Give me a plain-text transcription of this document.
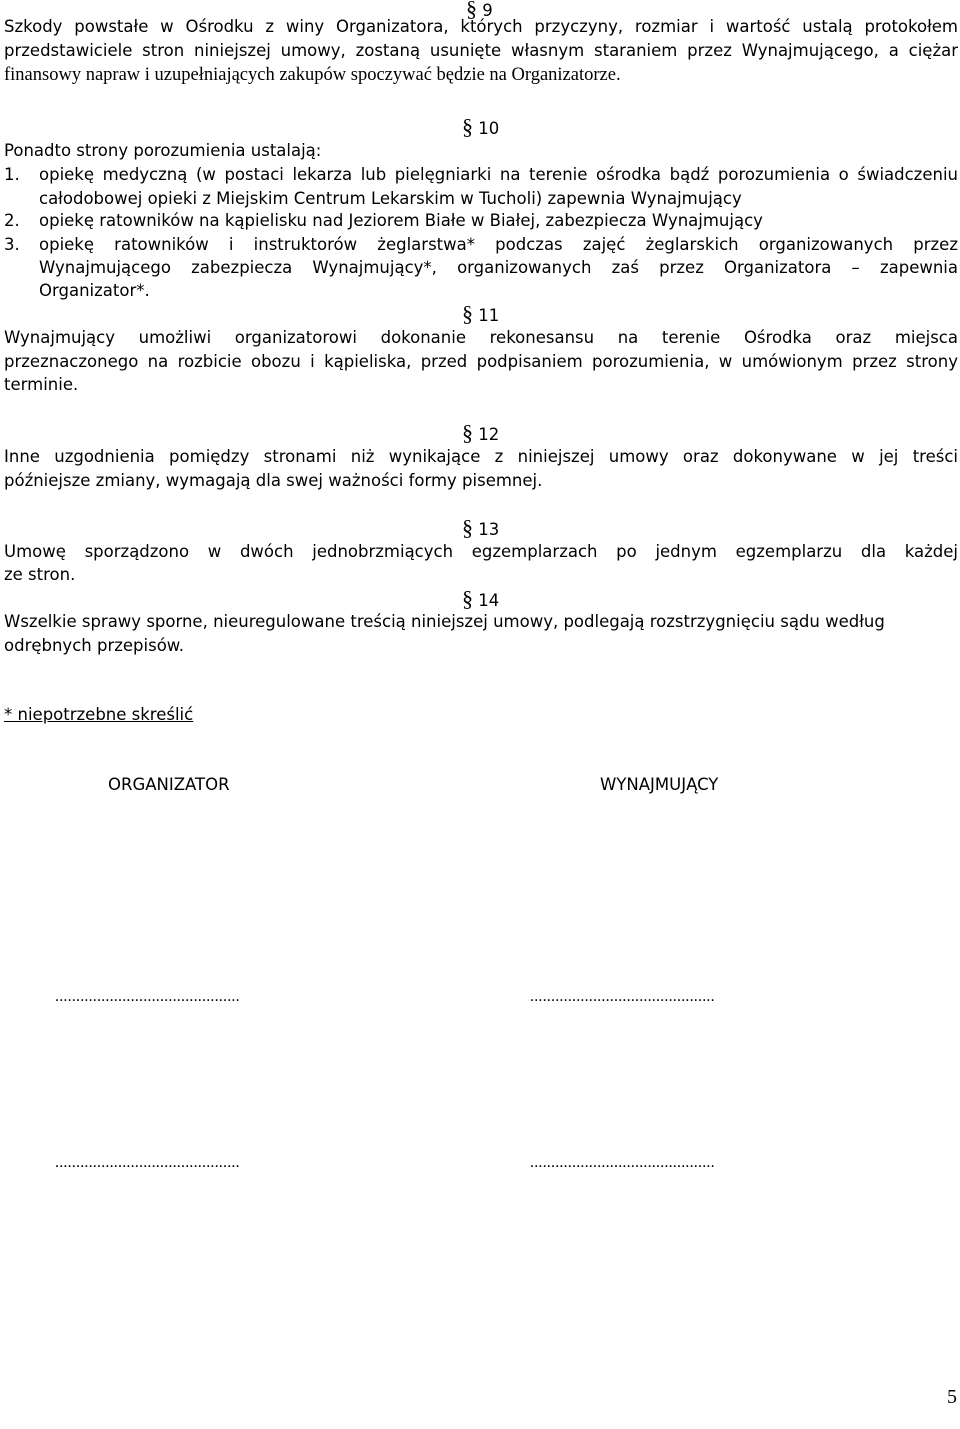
§ 9
Szkody powstałe w Ośrodku z winy Organizatora, których przyczyny, rozmiar i wartość ustalą protokołem
przedstawiciele stron niniejszej umowy, zostaną usunięte własnym staraniem przez Wynajmującego, a ciężar
finansowy napraw i uzupełniających zakupów spoczywać będzie na Organizatorze.
§ 10
Ponadto strony porozumienia ustalają:
1. opiekę medyczną (w postaci lekarza lub pielęgniarki na terenie ośrodka bądź porozumienia o świadczeniu
całodobowej opieki z Miejskim Centrum Lekarskim w Tucholi) zapewnia Wynajmujący
2. opiekę ratowników na kąpielisku nad Jeziorem Białe w Białej, zabezpiecza Wynajmujący
3. opiekę ratowników i instruktorów żeglarstwa* podczas zajęć żeglarskich organizowanych przez
Wynajmującego zabezpiecza Wynajmujący*, organizowanych zaś przez Organizatora – zapewnia
Organizator*.
§ 11
Wynajmujący umożliwi organizatorowi dokonanie rekonesansu na terenie Ośrodka oraz miejsca
przeznaczonego na rozbicie obozu i kąpieliska, przed podpisaniem porozumienia, w umówionym przez strony
terminie.
§ 12
Inne uzgodnienia pomiędzy stronami niż wynikające z niniejszej umowy oraz dokonywane w jej treści
późniejsze zmiany, wymagają dla swej ważności formy pisemnej.
§ 13
Umowę sporządzono w dwóch jednobrzmiących egzemplarzach po jednym egzemplarzu dla każdej
ze stron.
§ 14
Wszelkie sprawy sporne, nieuregulowane treścią niniejszej umowy, podlegają rozstrzygnięciu sądu według
odrębnych przepisów.
* niepotrzebne skreślić
ORGANIZATOR	WYNAJMUJĄCY
............................................	............................................
............................................	............................................
5
